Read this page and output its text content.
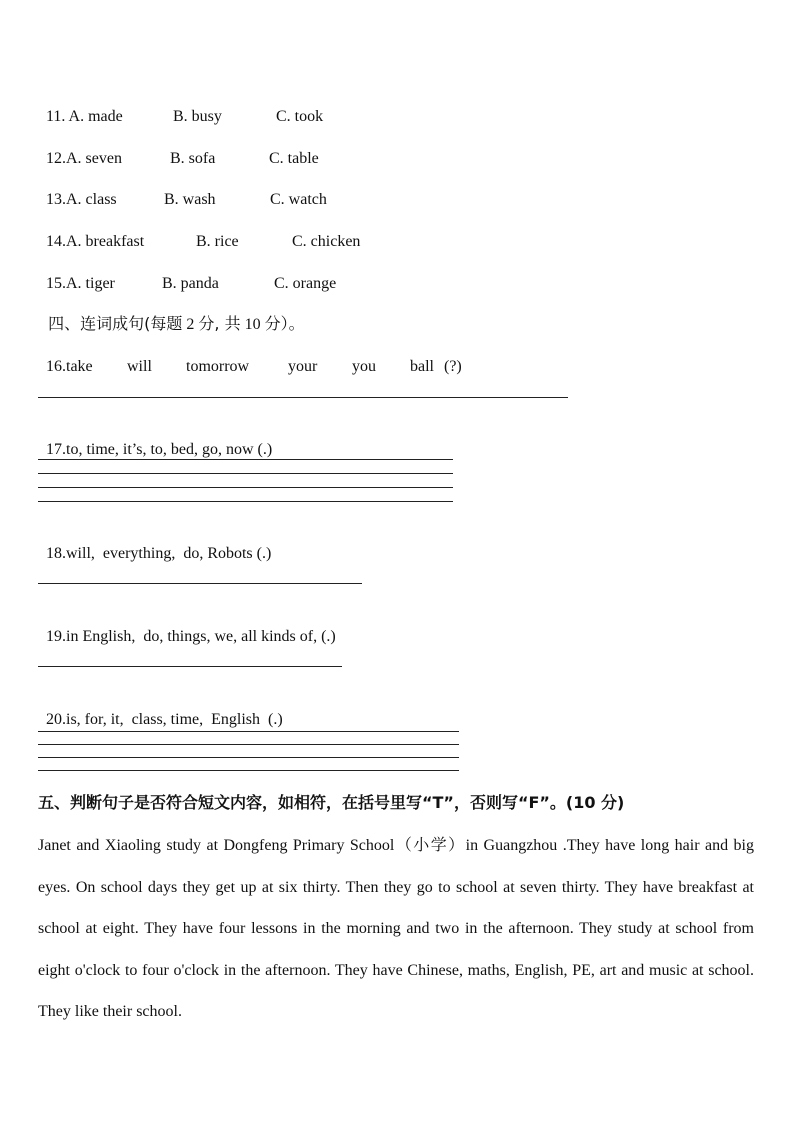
11. A. made	B. busy	C. took

12.A. seven	B. sofa	C. table

13.A. class	B. wash	C. watch

14.A. breakfast	B. rice	C. chicken

15.A. tiger	B. panda	C. orange

四、连词成句(每题 2 分, 共 10 分）。

16. take will tomorrow your you ball (?)

17.to, time, it’s, to, bed, go, now (.)

18.will,  everything,  do, Robots (.)

19.in English,  do, things, we, all kinds of, (.)

20.is, for, it,  class, time,  English  (.)

五、判断句子是否符合短文内容，如相符，在括号里写“T”，否则写“F”。(10 分)
Janet and Xiaoling study at Dongfeng Primary School（小学）in Guangzhou .They have long hair and big eyes. On school days they get up at six thirty. Then they go to school at seven thirty. They have breakfast at school at eight. They have four lessons in the morning and two in the afternoon. They study at school from eight o'clock to four o'clock in the afternoon. They have Chinese, maths, English, PE, art and music at school. They like their school.
